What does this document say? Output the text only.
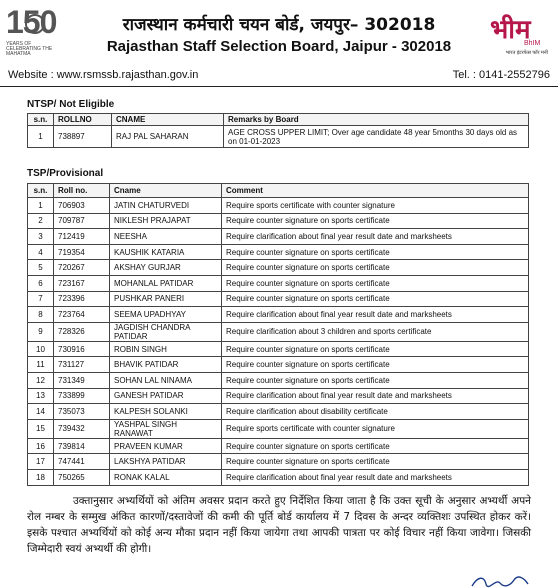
150
YEARS OF CELEBRATING THE MAHATMA
राजस्थान कर्मचारी चयन बोर्ड, जयपुर– 302018
Rajasthan Staff Selection Board, Jaipur - 302018
भीम
BhIM
भारत इंटरफेस फॉर मनी
Website : www.rsmssb.rajasthan.gov.in	Tel. : 0141-2552796
NTSP/ Not Eligible
s.n.	ROLLNO	CNAME	Remarks by Board
1	738897	RAJ PAL SAHARAN	AGE CROSS UPPER LIMIT; Over age candidate 48 year 5months 30 days old as on 01-01-2023
TSP/Provisional
s.n.	Roll no.	Cname	Comment
1	706903	JATIN CHATURVEDI	Require sports certificate with counter signature
2	709787	NIKLESH PRAJAPAT	Require counter signature on sports certificate
3	712419	NEESHA	Require clarification about final year result date and marksheets
4	719354	KAUSHIK KATARIA	Require counter signature on sports certificate
5	720267	AKSHAY GURJAR	Require counter signature on sports certificate
6	723167	MOHANLAL PATIDAR	Require counter signature on sports certificate
7	723396	PUSHKAR PANERI	Require counter signature on sports certificate
8	723764	SEEMA UPADHYAY	Require clarification about final year result date and marksheets
9	728326	JAGDISH CHANDRA PATIDAR	Require clarification about 3 children and sports certificate
10	730916	ROBIN SINGH	Require counter signature on sports certificate
11	731127	BHAVIK PATIDAR	Require counter signature on sports certificate
12	731349	SOHAN LAL NINAMA	Require counter signature on sports certificate
13	733899	GANESH PATIDAR	Require clarification about final year result date and marksheets
14	735073	KALPESH SOLANKI	Require clarification about disability certificate
15	739432	YASHPAL SINGH RANAWAT	Require sports certificate with counter signature
16	739814	PRAVEEN KUMAR	Require counter signature on sports certificate
17	747441	LAKSHYA PATIDAR	Require counter signature on sports certificate
18	750265	RONAK KALAL	Require clarification about final year result date and marksheets
उक्तानुसार अभ्यर्थियों को अंतिम अवसर प्रदान करते हुए निर्देशित किया जाता है कि उक्त सूची के अनुसार अभ्यर्थी अपने रोल नम्बर के सम्मुख अंकित कारणों/दस्तावेजों की कमी की पूर्ति बोर्ड कार्यालय में 7 दिवस के अन्दर व्यक्तिशः उपस्थित होकर करें। इसके पश्चात अभ्यर्थियों को कोई अन्य मौका प्रदान नहीं किया जायेगा तथा आपकी पात्रता पर कोई विचार नहीं किया जावेगा। जिसकी जिम्मेदारी स्वयं अभ्यर्थी की होगी।
